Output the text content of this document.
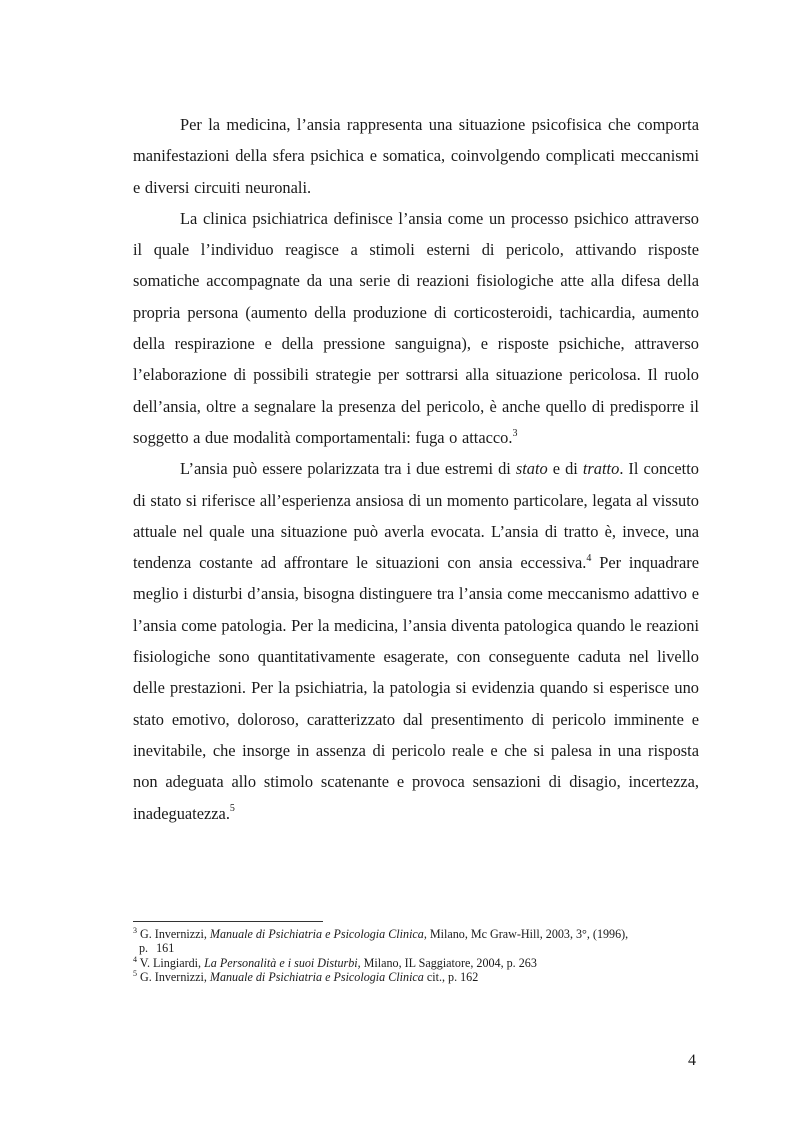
Per la medicina, l’ansia rappresenta una situazione psicofisica che comporta manifestazioni della sfera psichica e somatica, coinvolgendo complicati meccanismi e diversi circuiti neuronali.

La clinica psichiatrica definisce l’ansia come un processo psichico attraverso il quale l’individuo reagisce a stimoli esterni di pericolo, attivando risposte somatiche accompagnate da una serie di reazioni fisiologiche atte alla difesa della propria persona (aumento della produzione di corticosteroidi, tachicardia, aumento della respirazione e della pressione sanguigna), e risposte psichiche, attraverso l’elaborazione di possibili strategie per sottrarsi alla situazione pericolosa. Il ruolo dell’ansia, oltre a segnalare la presenza del pericolo, è anche quello di predisporre il soggetto a due modalità comportamentali: fuga o attacco.$^3$

L’ansia può essere polarizzata tra i due estremi di stato e di tratto. Il concetto di stato si riferisce all’esperienza ansiosa di un momento particolare, legata al vissuto attuale nel quale una situazione può averla evocata. L’ansia di tratto è, invece, una tendenza costante ad affrontare le situazioni con ansia eccessiva.$^4$ Per inquadrare meglio i disturbi d’ansia, bisogna distinguere tra l’ansia come meccanismo adattivo e l’ansia come patologia. Per la medicina, l’ansia diventa patologica quando le reazioni fisiologiche sono quantitativamente esagerate, con conseguente caduta nel livello delle prestazioni. Per la psichiatria, la patologia si evidenzia quando si esperisce uno stato emotivo, doloroso, caratterizzato dal presentimento di pericolo imminente e inevitabile, che insorge in assenza di pericolo reale e che si palesa in una risposta non adeguata allo stimolo scatenante e provoca sensazioni di disagio, incertezza, inadeguatezza.$^5$

$^3$ G. Invernizzi, Manuale di Psichiatria e Psicologia Clinica, Milano, Mc Graw-Hill, 2003, 3°, (1996),
p. 161

$^4$ V. Lingiardi, La Personalità e i suoi Disturbi, Milano, IL Saggiatore, 2004, p. 263

$^5$ G. Invernizzi, Manuale di Psichiatria e Psicologia Clinica cit., p. 162

4
